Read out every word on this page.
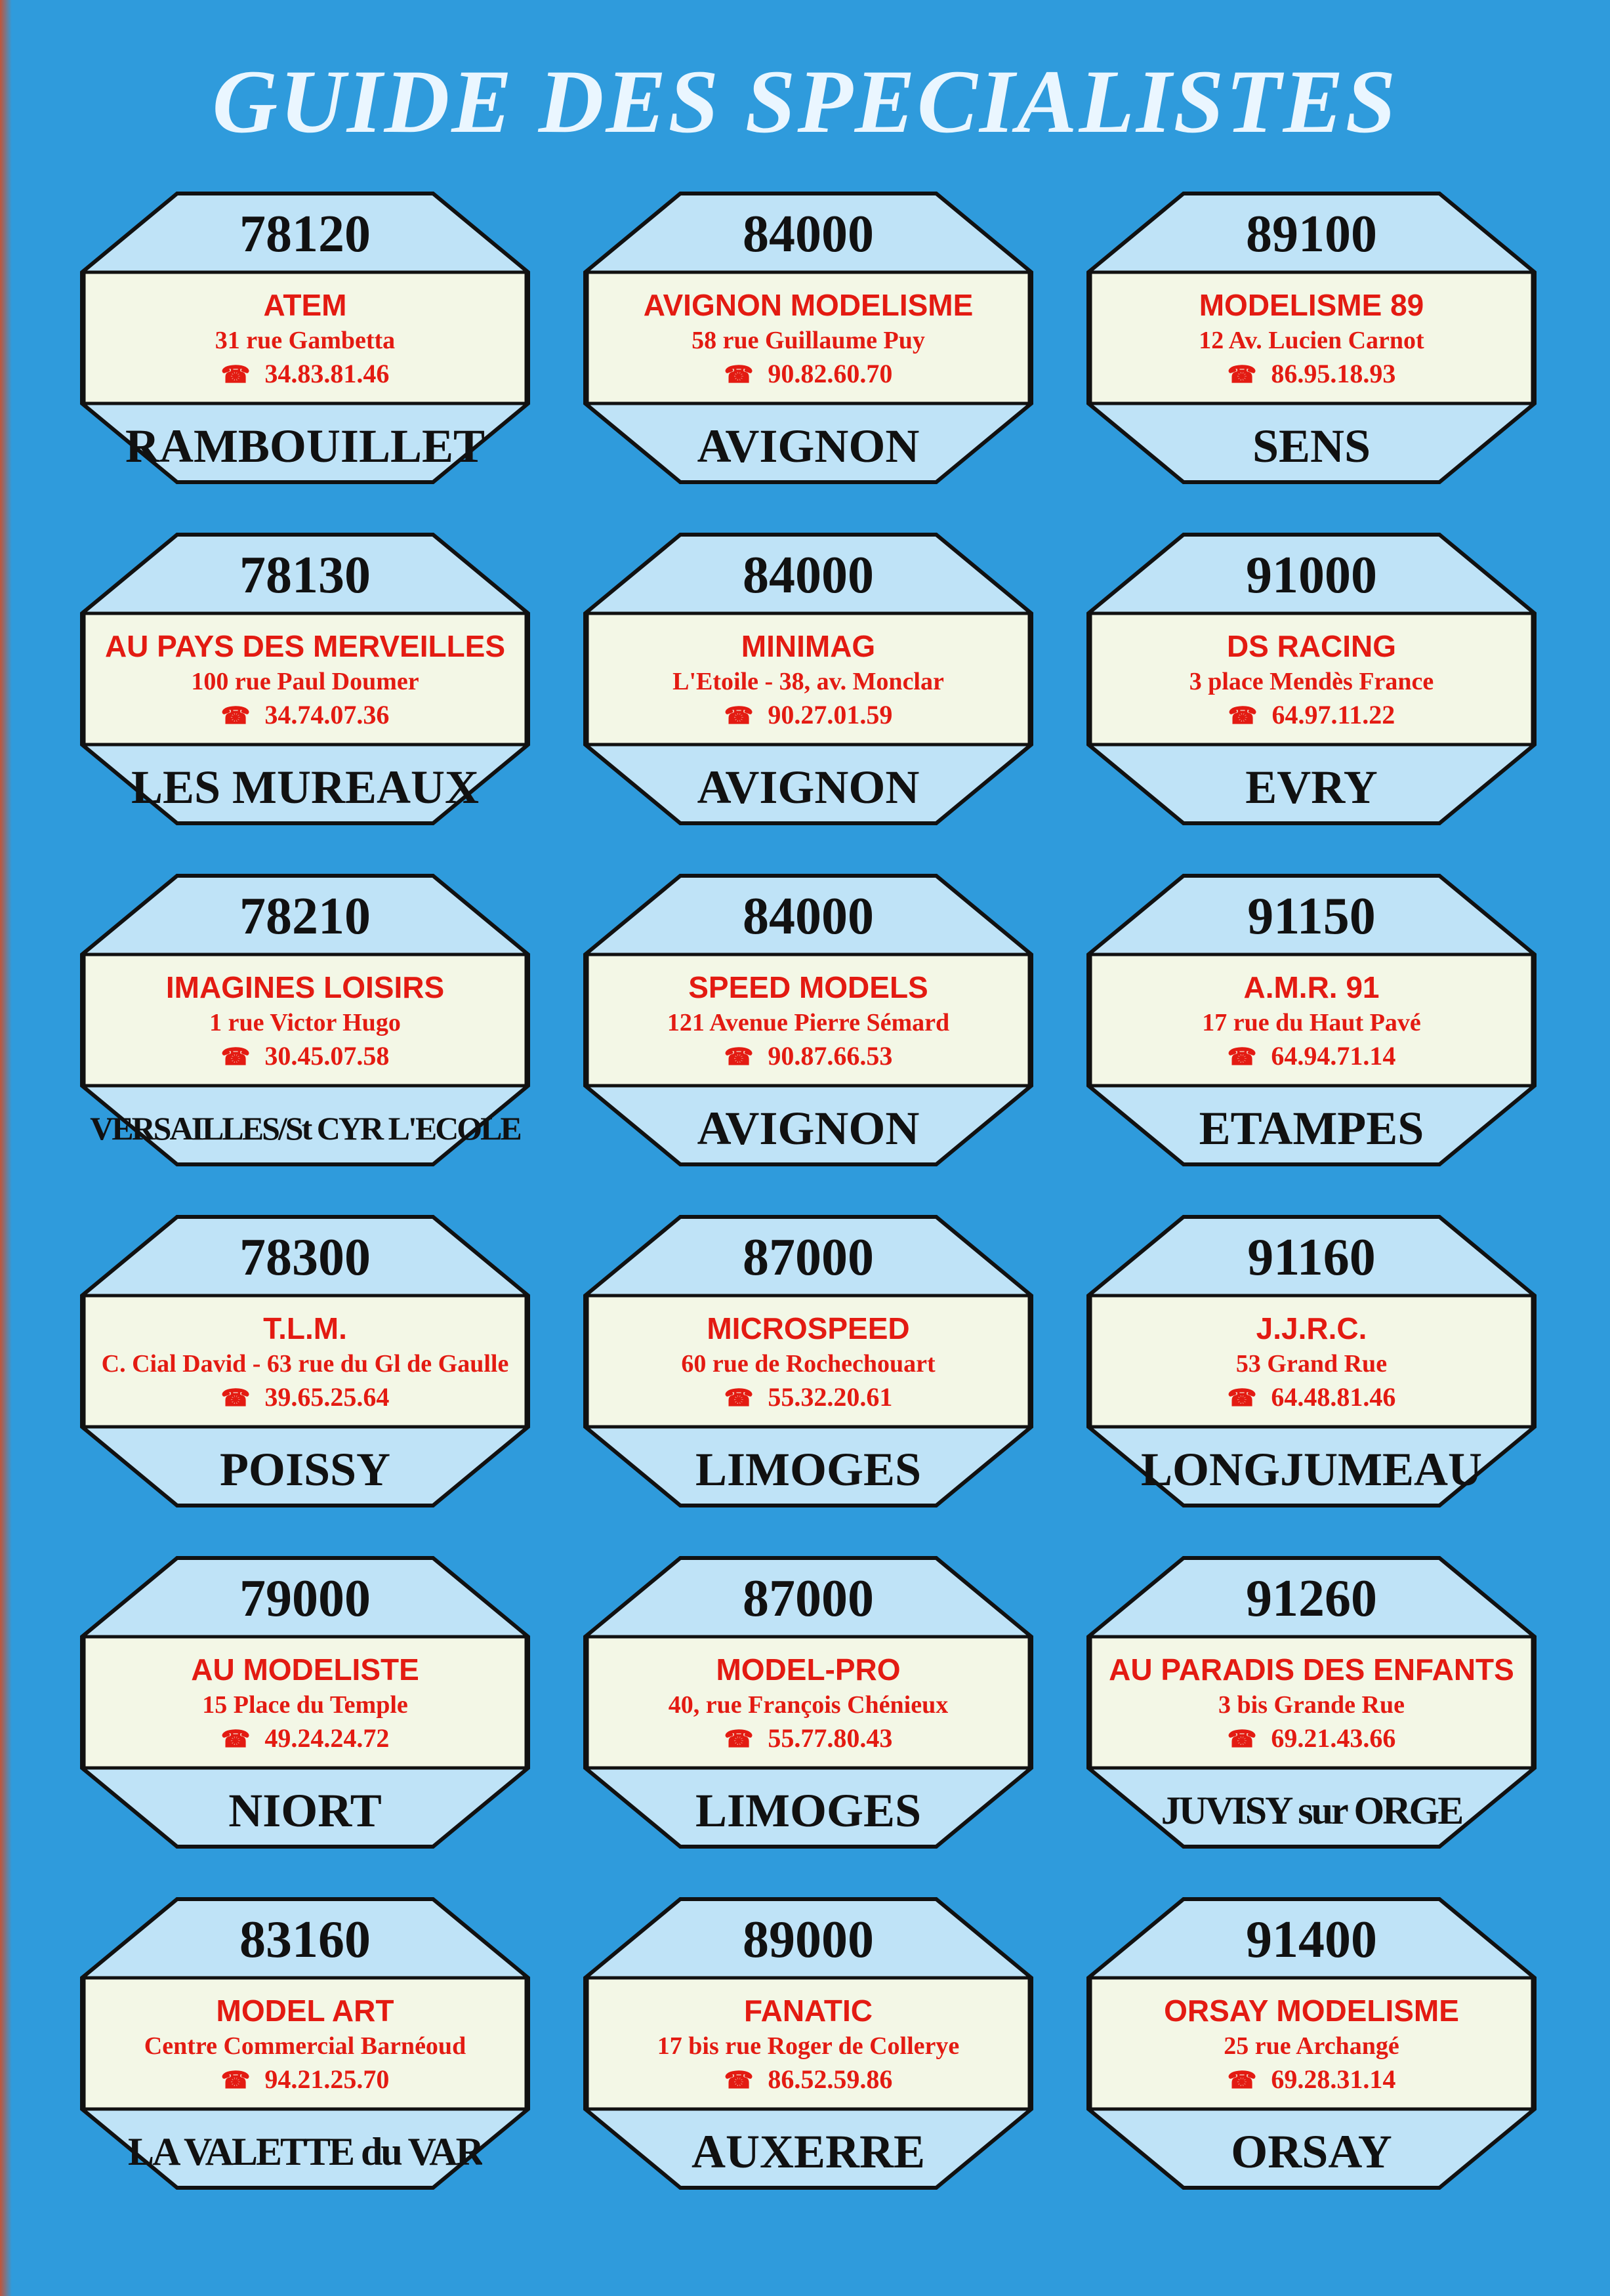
GUIDE DES SPECIALISTES
78120
ATEM
31 rue Gambetta
☎ 34.83.81.46
RAMBOUILLET
78130
AU PAYS DES MERVEILLES
100 rue Paul Doumer
☎ 34.74.07.36
LES MUREAUX
78210
IMAGINES LOISIRS
1 rue Victor Hugo
☎ 30.45.07.58
VERSAILLES/St CYR L'ECOLE
78300
T.L.M.
C. Cial David - 63 rue du Gl de Gaulle
☎ 39.65.25.64
POISSY
79000
AU MODELISTE
15 Place du Temple
☎ 49.24.24.72
NIORT
83160
MODEL ART
Centre Commercial Barnéoud
☎ 94.21.25.70
LA VALETTE du VAR
84000
AVIGNON MODELISME
58 rue Guillaume Puy
☎ 90.82.60.70
AVIGNON
84000
MINIMAG
L'Etoile - 38, av. Monclar
☎ 90.27.01.59
AVIGNON
84000
SPEED MODELS
121 Avenue Pierre Sémard
☎ 90.87.66.53
AVIGNON
87000
MICROSPEED
60 rue de Rochechouart
☎ 55.32.20.61
LIMOGES
87000
MODEL-PRO
40, rue François Chénieux
☎ 55.77.80.43
LIMOGES
89000
FANATIC
17 bis rue Roger de Collerye
☎ 86.52.59.86
AUXERRE
89100
MODELISME 89
12 Av. Lucien Carnot
☎ 86.95.18.93
SENS
91000
DS RACING
3 place Mendès France
☎ 64.97.11.22
EVRY
91150
A.M.R. 91
17 rue du Haut Pavé
☎ 64.94.71.14
ETAMPES
91160
J.J.R.C.
53 Grand Rue
☎ 64.48.81.46
LONGJUMEAU
91260
AU PARADIS DES ENFANTS
3 bis Grande Rue
☎ 69.21.43.66
JUVISY sur ORGE
91400
ORSAY MODELISME
25 rue Archangé
☎ 69.28.31.14
ORSAY
